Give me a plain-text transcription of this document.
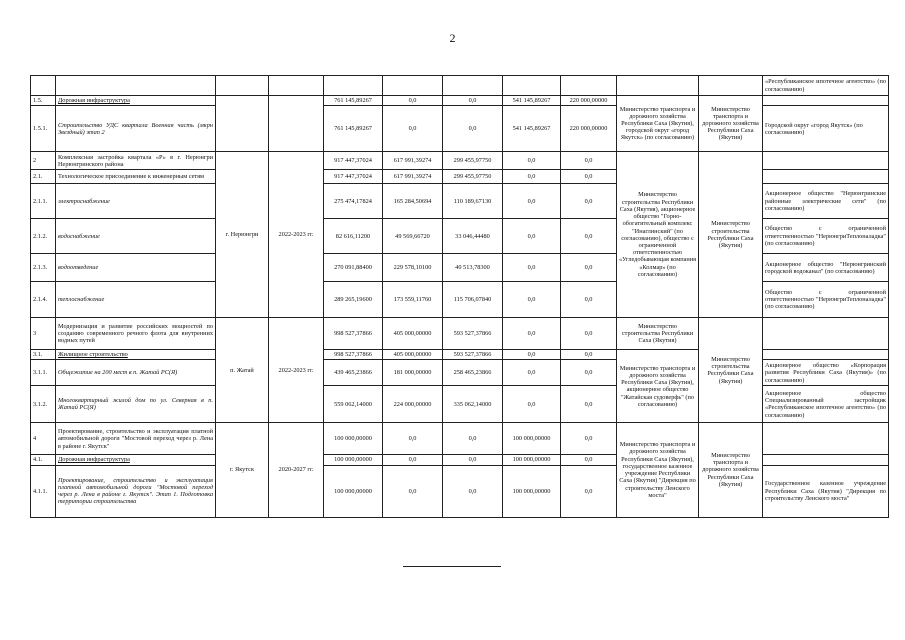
2
											«Республиканское ипотечное агентство» (по согласованию)
1.5.	Дорожная инфраструктура			761 145,89267	0,0	0,0	541 145,89267	220 000,00000	Министерство транспорта и дорожного хозяйства Республики Саха (Якутия), городской округ «город Якутск» (по согласованию)	Министерство транспорта и дорожного хозяйства Республики Саха (Якутия)	
1.5.1.	Строительство УДС квартала Военная часть (мкрн Звездный) этап 2			761 145,89267	0,0	0,0	541 145,89267	220 000,00000			Городской округ «город Якутск» (по согласованию)
2	Комплексная застройка квартала «Р» в г. Нерюнгри Нерюнгринского района	г. Нерюнгри	2022-2023 гг.	917 447,37024	617 991,39274	299 455,97750	0,0	0,0	Министерство строительства Республики Саха (Якутия), акционерное общество "Горно-обогатительный комплекс "Инаглинский" (по согласованию), общество с ограниченной ответственностью «Угледобывающая компания «Колмар» (по согласованию)	Министерство строительства Республики Саха (Якутия)	
2.1.	Технологическое присоединение к инженерным сетям			917 447,37024	617 991,39274	299 455,97750	0,0	0,0			
2.1.1.	электроснабжение			275 474,17824	165 284,50694	110 189,67130	0,0	0,0			Акционерное общество "Нерюнгринские районные электрические сети" (по согласованию)
2.1.2.	водоснабжение			82 616,11200	49 569,66720	33 046,44480	0,0	0,0			Общество с ограниченной ответственностью "НерюнгриТеплоналадка" (по согласованию)
2.1.3.	водоотведение			270 091,88400	229 578,10100	40 513,78300	0,0	0,0			Акционерное общество "Нерюнгринский городской водоканал" (по согласованию)
2.1.4.	теплоснабжение			289 265,19600	173 559,11760	115 706,07840	0,0	0,0			Общество с ограниченной ответственностью "НерюнгриТеплоналадка" (по согласованию)
3	Модернизация и развитие российских мощностей по созданию современного речного флота для внутренних водных путей	п. Жатай	2022-2023 гг.	998 527,37866	405 000,00000	593 527,37866	0,0	0,0	Министерство строительства Республики Саха (Якутия)	Министерство строительства Республики Саха (Якутия)	
3.1.	Жилищное строительство			998 527,37866	405 000,00000	593 527,37866	0,0	0,0	Министерство транспорта и дорожного хозяйства Республики Саха (Якутия), акционерное общество "Жатайская судоверфь" (по согласованию)		
3.1.1.	Общежитие на 200 мест в п. Жатай РС(Я)			439 465,23866	181 000,00000	258 465,23866	0,0	0,0			Акционерное общество «Корпорация развития Республики Саха (Якутия)» (по согласованию)
3.1.2.	Многоквартирный жилой дом по ул. Северная в п. Жатай РС(Я)			559 062,14000	224 000,00000	335 062,14000	0,0	0,0			Акционерное общество Специализированный застройщик «Республиканское ипотечное агентство» (по согласованию)
4	Проектирование, строительство и эксплуатация платной автомобильной дороги "Мостовой переход через р. Лена в районе г. Якутск"	г. Якутск	2020-2027 гг.	100 000,00000	0,0	0,0	100 000,00000	0,0	Министерство транспорта и дорожного хозяйства Республики Саха (Якутия), государственное казенное учреждение Республики Саха (Якутия) "Дирекция по строительству Ленского моста"	Министерство транспорта и дорожного хозяйства Республики Саха (Якутия)	
4.1.	Дорожная инфраструктура			100 000,00000	0,0	0,0	100 000,00000	0,0			
4.1.1.	Проектирование, строительство и эксплуатация платной автомобильной дороги "Мостовой переход через р. Лена в районе г. Якутск". Этап 1. Подготовка территории строительства			100 000,00000	0,0	0,0	100 000,00000	0,0			Государственное казенное учреждение Республики Саха (Якутия) "Дирекция по строительству Ленского моста"
